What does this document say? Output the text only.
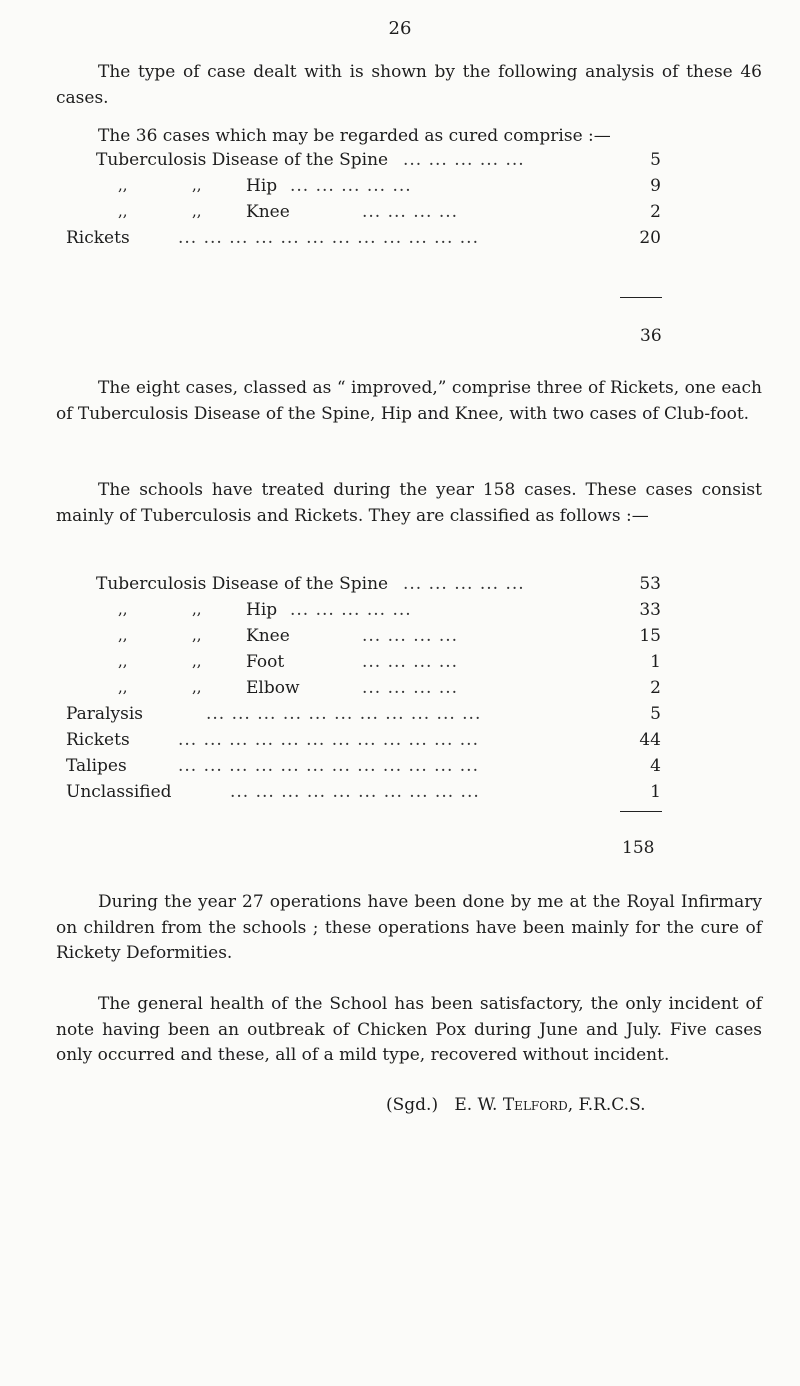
26

The type of case dealt with is shown by the following analysis of these 46 cases.

The 36 cases which may be regarded as cured comprise :—

Tuberculosis Disease of the Spine ... ... ... ... ...	5
,,	,,	Hip ... ... ... ... ...	9
,,	,,	Knee	... ... ... ...	2
Rickets	... ... ... ... ... ... ... ... ... ... ... ...	20
36

The eight cases, classed as “ improved,” comprise three of Rickets, one each of Tuberculosis Disease of the Spine, Hip and Knee, with two cases of Club-foot.

The schools have treated during the year 158 cases. These cases consist mainly of Tuberculosis and Rickets. They are classified as follows :—

Tuberculosis Disease of the Spine ... ... ... ... ...	53
,,	,,	Hip ... ... ... ... ...	33
,,	,,	Knee	... ... ... ...	15
,,	,,	Foot	... ... ... ...	1
,,	,,	Elbow	... ... ... ...	2
Paralysis	... ... ... ... ... ... ... ... ... ... ...	5
Rickets	... ... ... ... ... ... ... ... ... ... ... ...	44
Talipes	... ... ... ... ... ... ... ... ... ... ... ...	4
Unclassified	... ... ... ... ... ... ... ... ... ...	1
158

During the year 27 operations have been done by me at the Royal Infirmary on children from the schools ; these operations have been mainly for the cure of Rickety Deformities.

The general health of the School has been satisfactory, the only incident of note having been an outbreak of Chicken Pox during June and July. Five cases only occurred and these, all of a mild type, recovered without incident.

(Sgd.) E. W. Telford, F.R.C.S.
